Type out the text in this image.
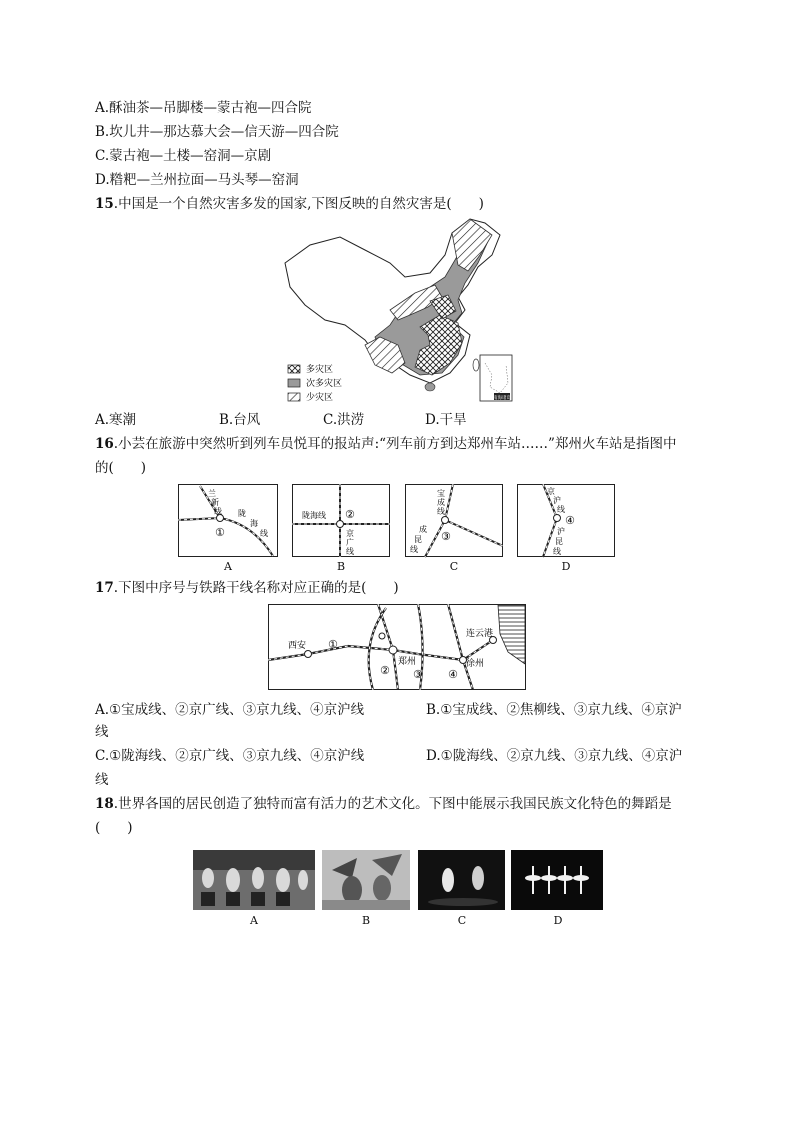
A.酥油茶—吊脚楼—蒙古袍—四合院
B.坎儿井—那达慕大会—信天游—四合院
C.蒙古袍—土楼—窑洞—京剧
D.糌粑—兰州拉面—马头琴—窑洞
15.中国是一个自然灾害多发的国家,下图反映的自然灾害是(　　)
南海诸岛
多灾区
次多灾区
少灾区
A.寒潮	B.台风	C.洪涝	D.干旱
16.小芸在旅游中突然听到列车员悦耳的报站声:“列车前方到达郑州车站……”郑州火车站是指图中
的(　　)
兰
新
线 陇
海
线
①
A
陇海线 ②
京
广
线
B
宝
成
线
成
昆
线
③
C
京
沪
线
④
沪
昆
线
D
17.下图中序号与铁路干线名称对应正确的是(　　)
西安
郑州
连云港
徐州
①
② ③ ④
A.①宝成线、②京广线、③京九线、④京沪线	B.①宝成线、②焦柳线、③京九线、④京沪
线
C.①陇海线、②京广线、③京九线、④京沪线	D.①陇海线、②京九线、③京九线、④京沪
线
18.世界各国的居民创造了独特而富有活力的艺术文化。下图中能展示我国民族文化特色的舞蹈是
(　　)
A	B	C	D
